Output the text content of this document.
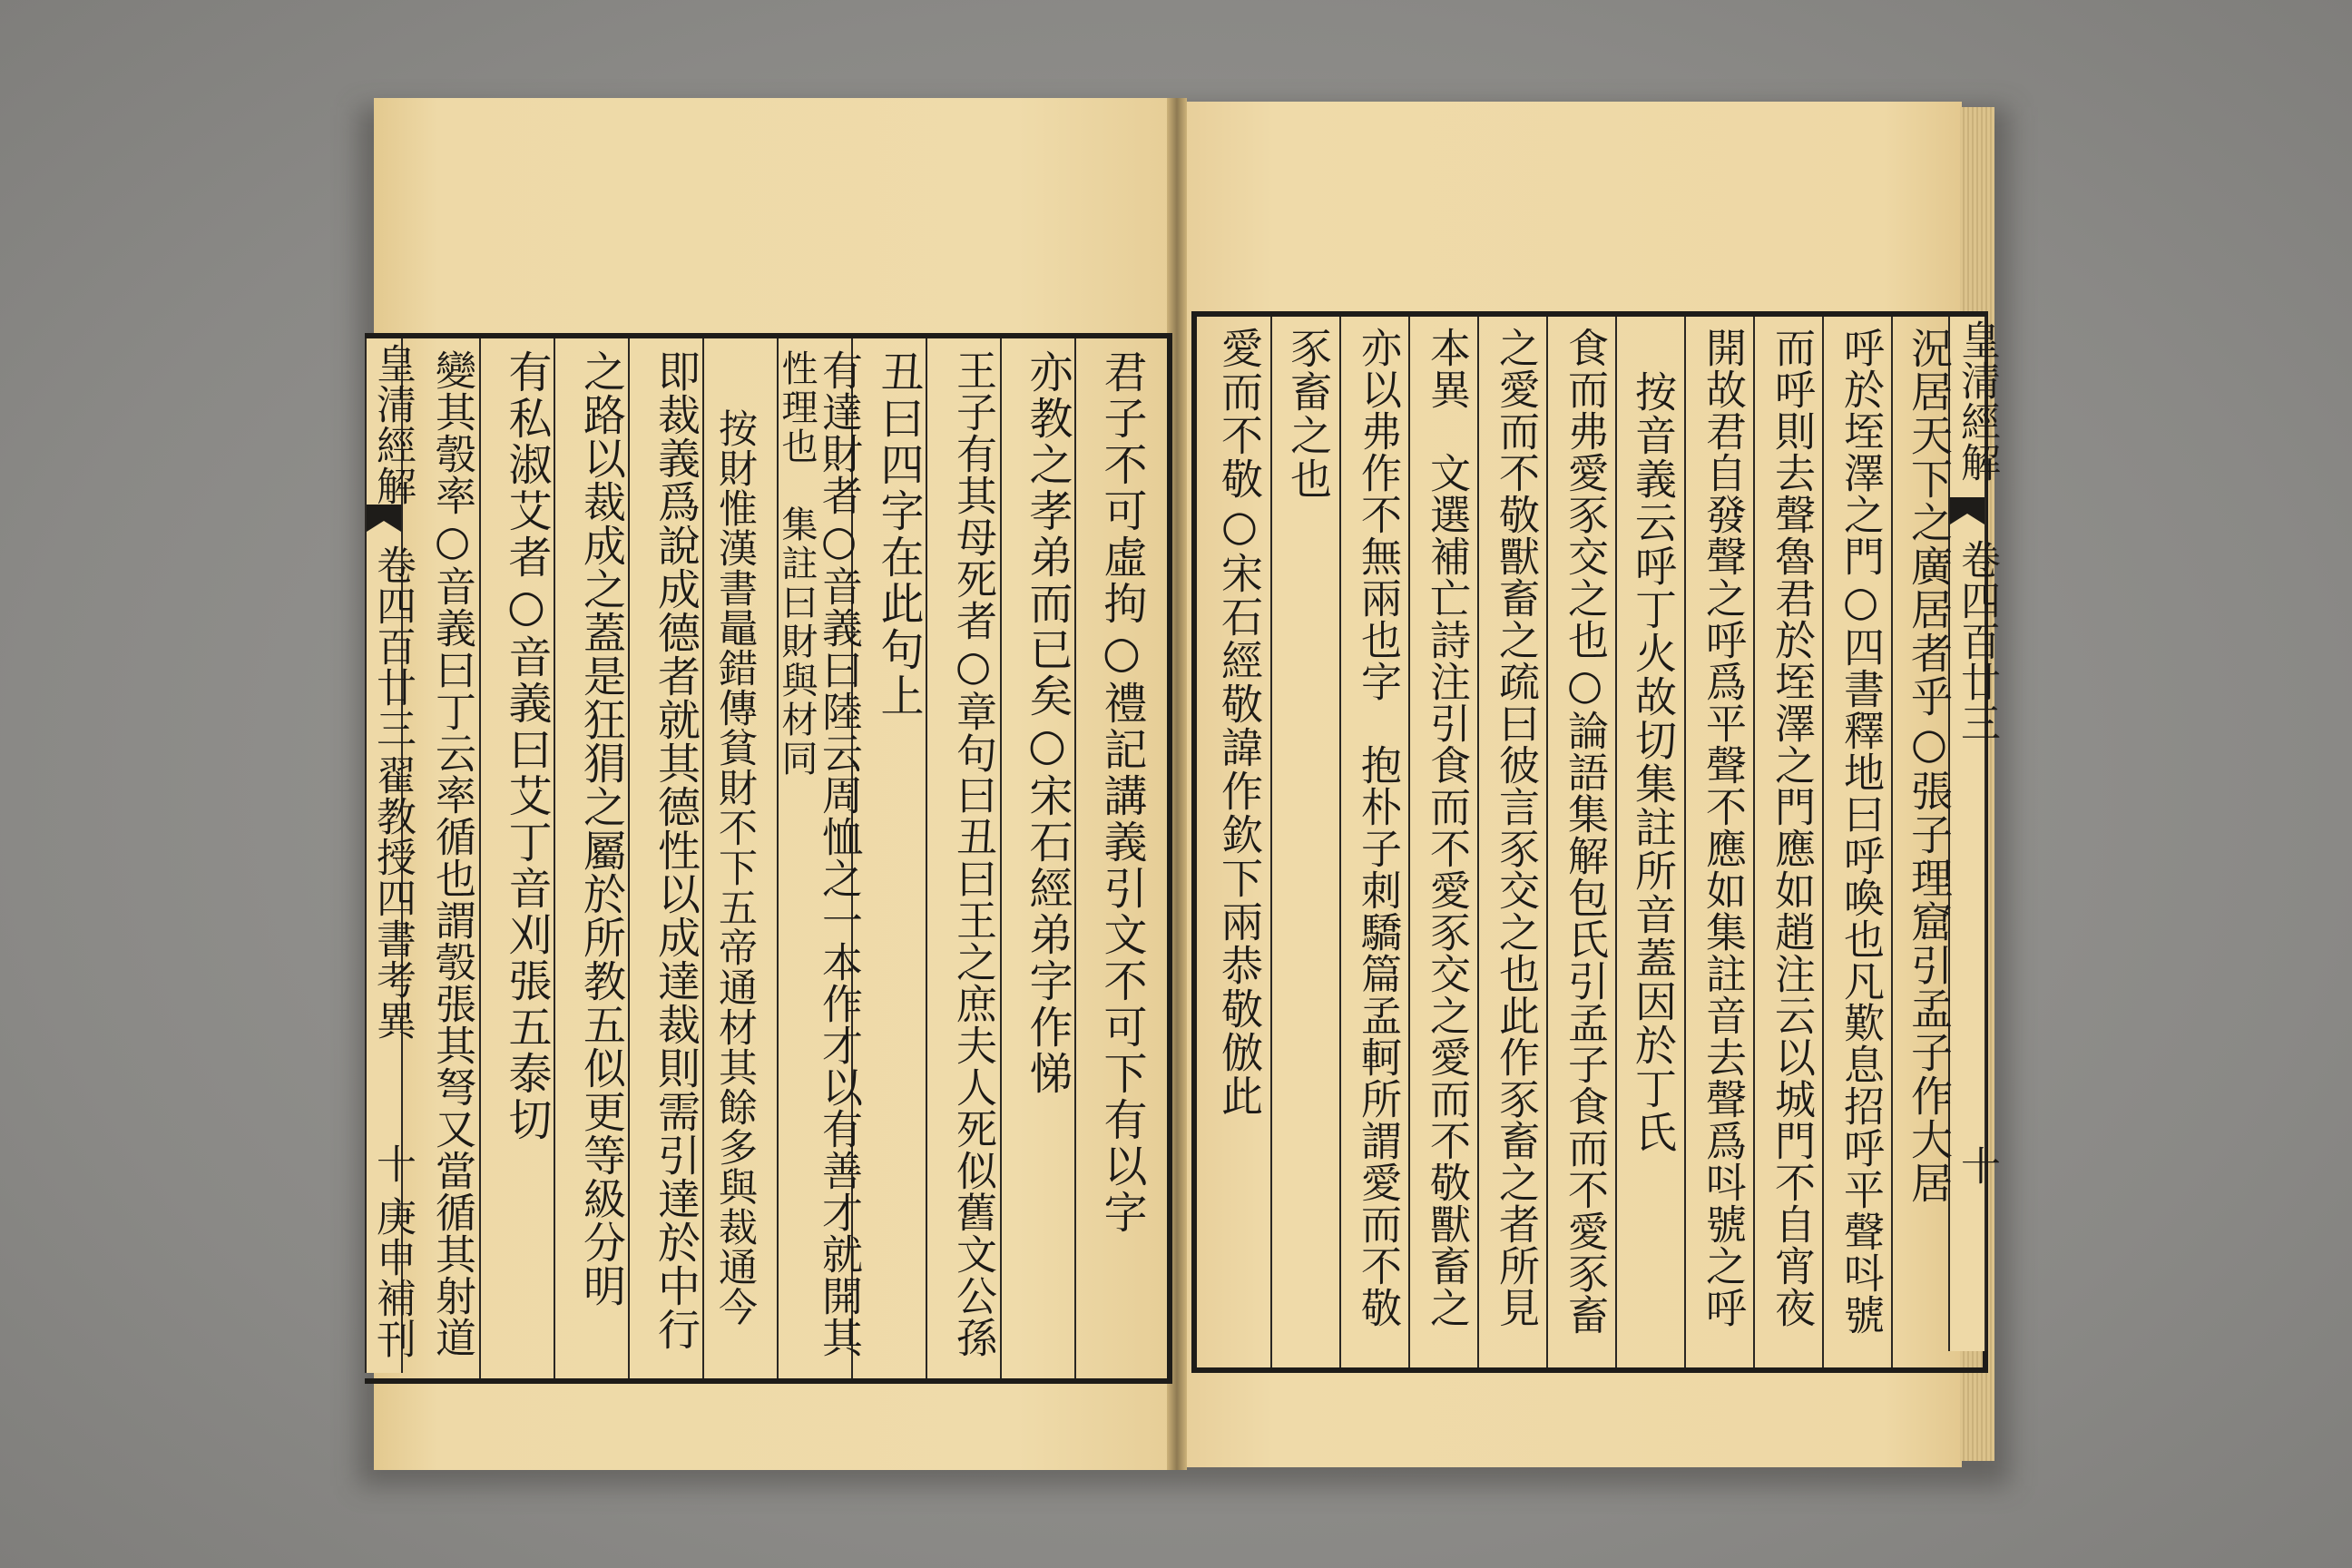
皇清經解
卷四百廿三
翟教授四書考異
十
庚申補刊
皇清經解
卷四百廿三
十
君子不可虛拘○禮記講義引文不可下有以字
亦教之孝弟而已矣○宋石經弟字作悌
王子有其母死者○章句曰丑曰王之庶夫人死似舊文公孫
丑曰四字在此句上
有達財者○音義曰陸云周恤之一本作才以有善才就開其
性理也　集註曰財與材同
按財惟漢書鼂錯傳貧財不下五帝通材其餘多與裁通今
即裁義爲說成德者就其德性以成達裁則需引達於中行
之路以裁成之蓋是狂狷之屬於所教五似更等級分明
有私淑艾者○音義曰艾丁音刈張五泰切
變其彀率○音義曰丁云率循也謂彀張其弩又當循其射道	況居天下之廣居者乎○張子理窟引孟子作大居
呼於垤澤之門○四書釋地曰呼喚也凡歎息招呼平聲呌號
而呼則去聲魯君於垤澤之門應如趙注云以城門不自宵夜
開故君自發聲之呼爲平聲不應如集註音去聲爲呌號之呼
按音義云呼丁火故切集註所音蓋因於丁氏
食而弗愛豕交之也○論語集解包氏引孟子食而不愛豕畜
之愛而不敬獸畜之疏曰彼言豕交之也此作豕畜之者所見
本異　文選補亡詩注引食而不愛豕交之愛而不敬獸畜之
亦以弗作不無兩也字　抱朴子刺驕篇孟軻所謂愛而不敬
豕畜之也
愛而不敬○宋石經敬諱作欽下兩恭敬倣此
